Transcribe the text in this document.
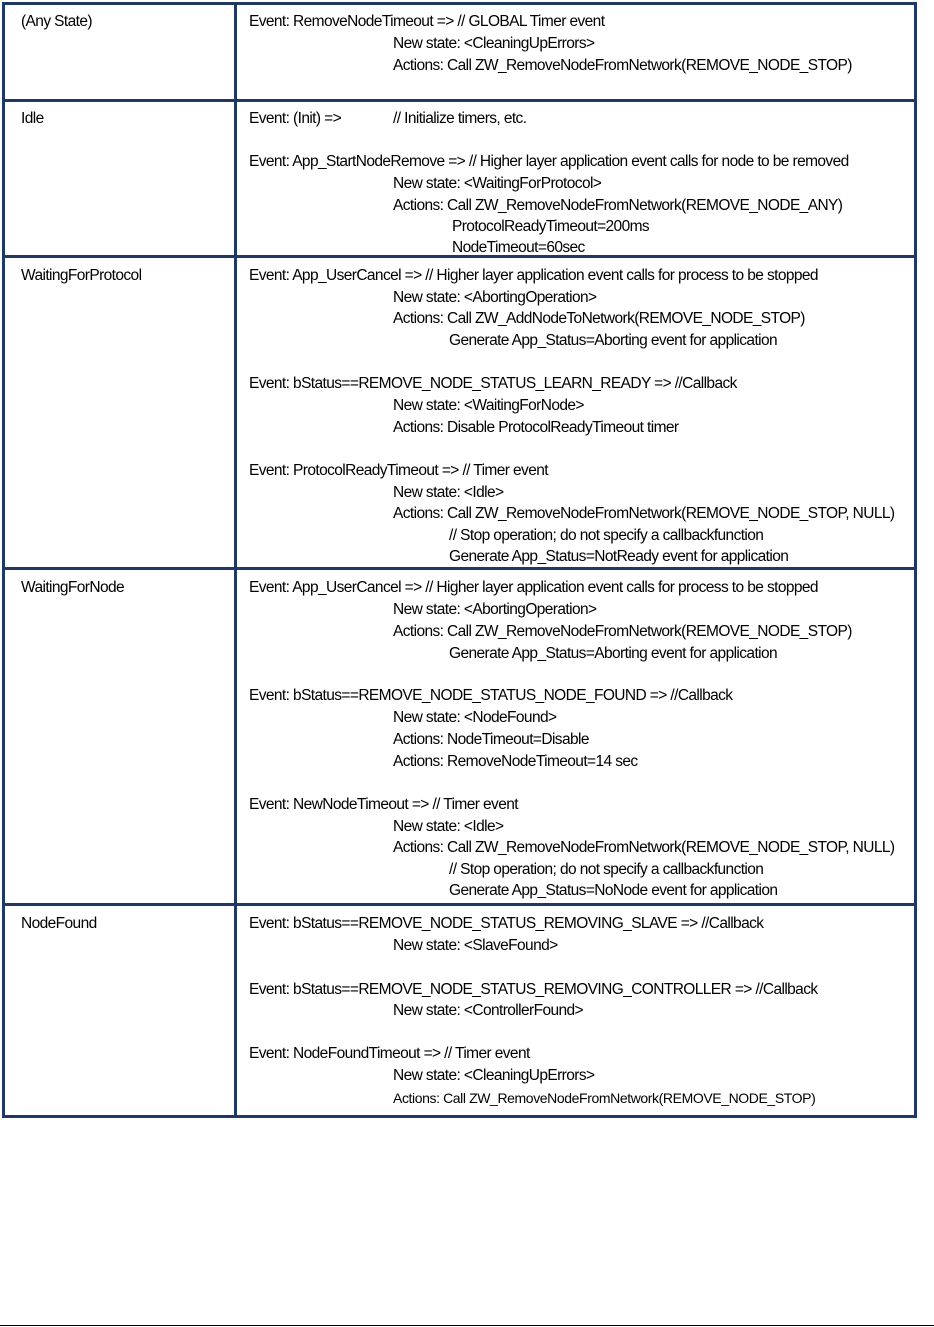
(Any State)	Event: RemoveNodeTimeout => // GLOBAL Timer event
New state: <CleaningUpErrors>
Actions: Call ZW_RemoveNodeFromNetwork(REMOVE_NODE_STOP)
Idle	Event: (Init) =>	// Initialize timers, etc.
Event: App_StartNodeRemove => // Higher layer application event calls for node to be removed
New state: <WaitingForProtocol>
Actions: Call ZW_RemoveNodeFromNetwork(REMOVE_NODE_ANY)
ProtocolReadyTimeout=200ms
NodeTimeout=60sec
WaitingForProtocol	Event: App_UserCancel => // Higher layer application event calls for process to be stopped
New state: <AbortingOperation>
Actions: Call ZW_AddNodeToNetwork(REMOVE_NODE_STOP)
Generate App_Status=Aborting event for application
Event: bStatus==REMOVE_NODE_STATUS_LEARN_READY => //Callback
New state: <WaitingForNode>
Actions: Disable ProtocolReadyTimeout timer
Event: ProtocolReadyTimeout => // Timer event
New state: <Idle>
Actions: Call ZW_RemoveNodeFromNetwork(REMOVE_NODE_STOP, NULL)
// Stop operation; do not specify a callbackfunction
Generate App_Status=NotReady event for application
WaitingForNode	Event: App_UserCancel => // Higher layer application event calls for process to be stopped
New state: <AbortingOperation>
Actions: Call ZW_RemoveNodeFromNetwork(REMOVE_NODE_STOP)
Generate App_Status=Aborting event for application
Event: bStatus==REMOVE_NODE_STATUS_NODE_FOUND => //Callback
New state: <NodeFound>
Actions: NodeTimeout=Disable
Actions: RemoveNodeTimeout=14 sec
Event: NewNodeTimeout => // Timer event
New state: <Idle>
Actions: Call ZW_RemoveNodeFromNetwork(REMOVE_NODE_STOP, NULL)
// Stop operation; do not specify a callbackfunction
Generate App_Status=NoNode event for application
NodeFound	Event: bStatus==REMOVE_NODE_STATUS_REMOVING_SLAVE => //Callback
New state: <SlaveFound>
Event: bStatus==REMOVE_NODE_STATUS_REMOVING_CONTROLLER => //Callback
New state: <ControllerFound>
Event: NodeFoundTimeout => // Timer event
New state: <CleaningUpErrors>
Actions: Call ZW_RemoveNodeFromNetwork(REMOVE_NODE_STOP)
